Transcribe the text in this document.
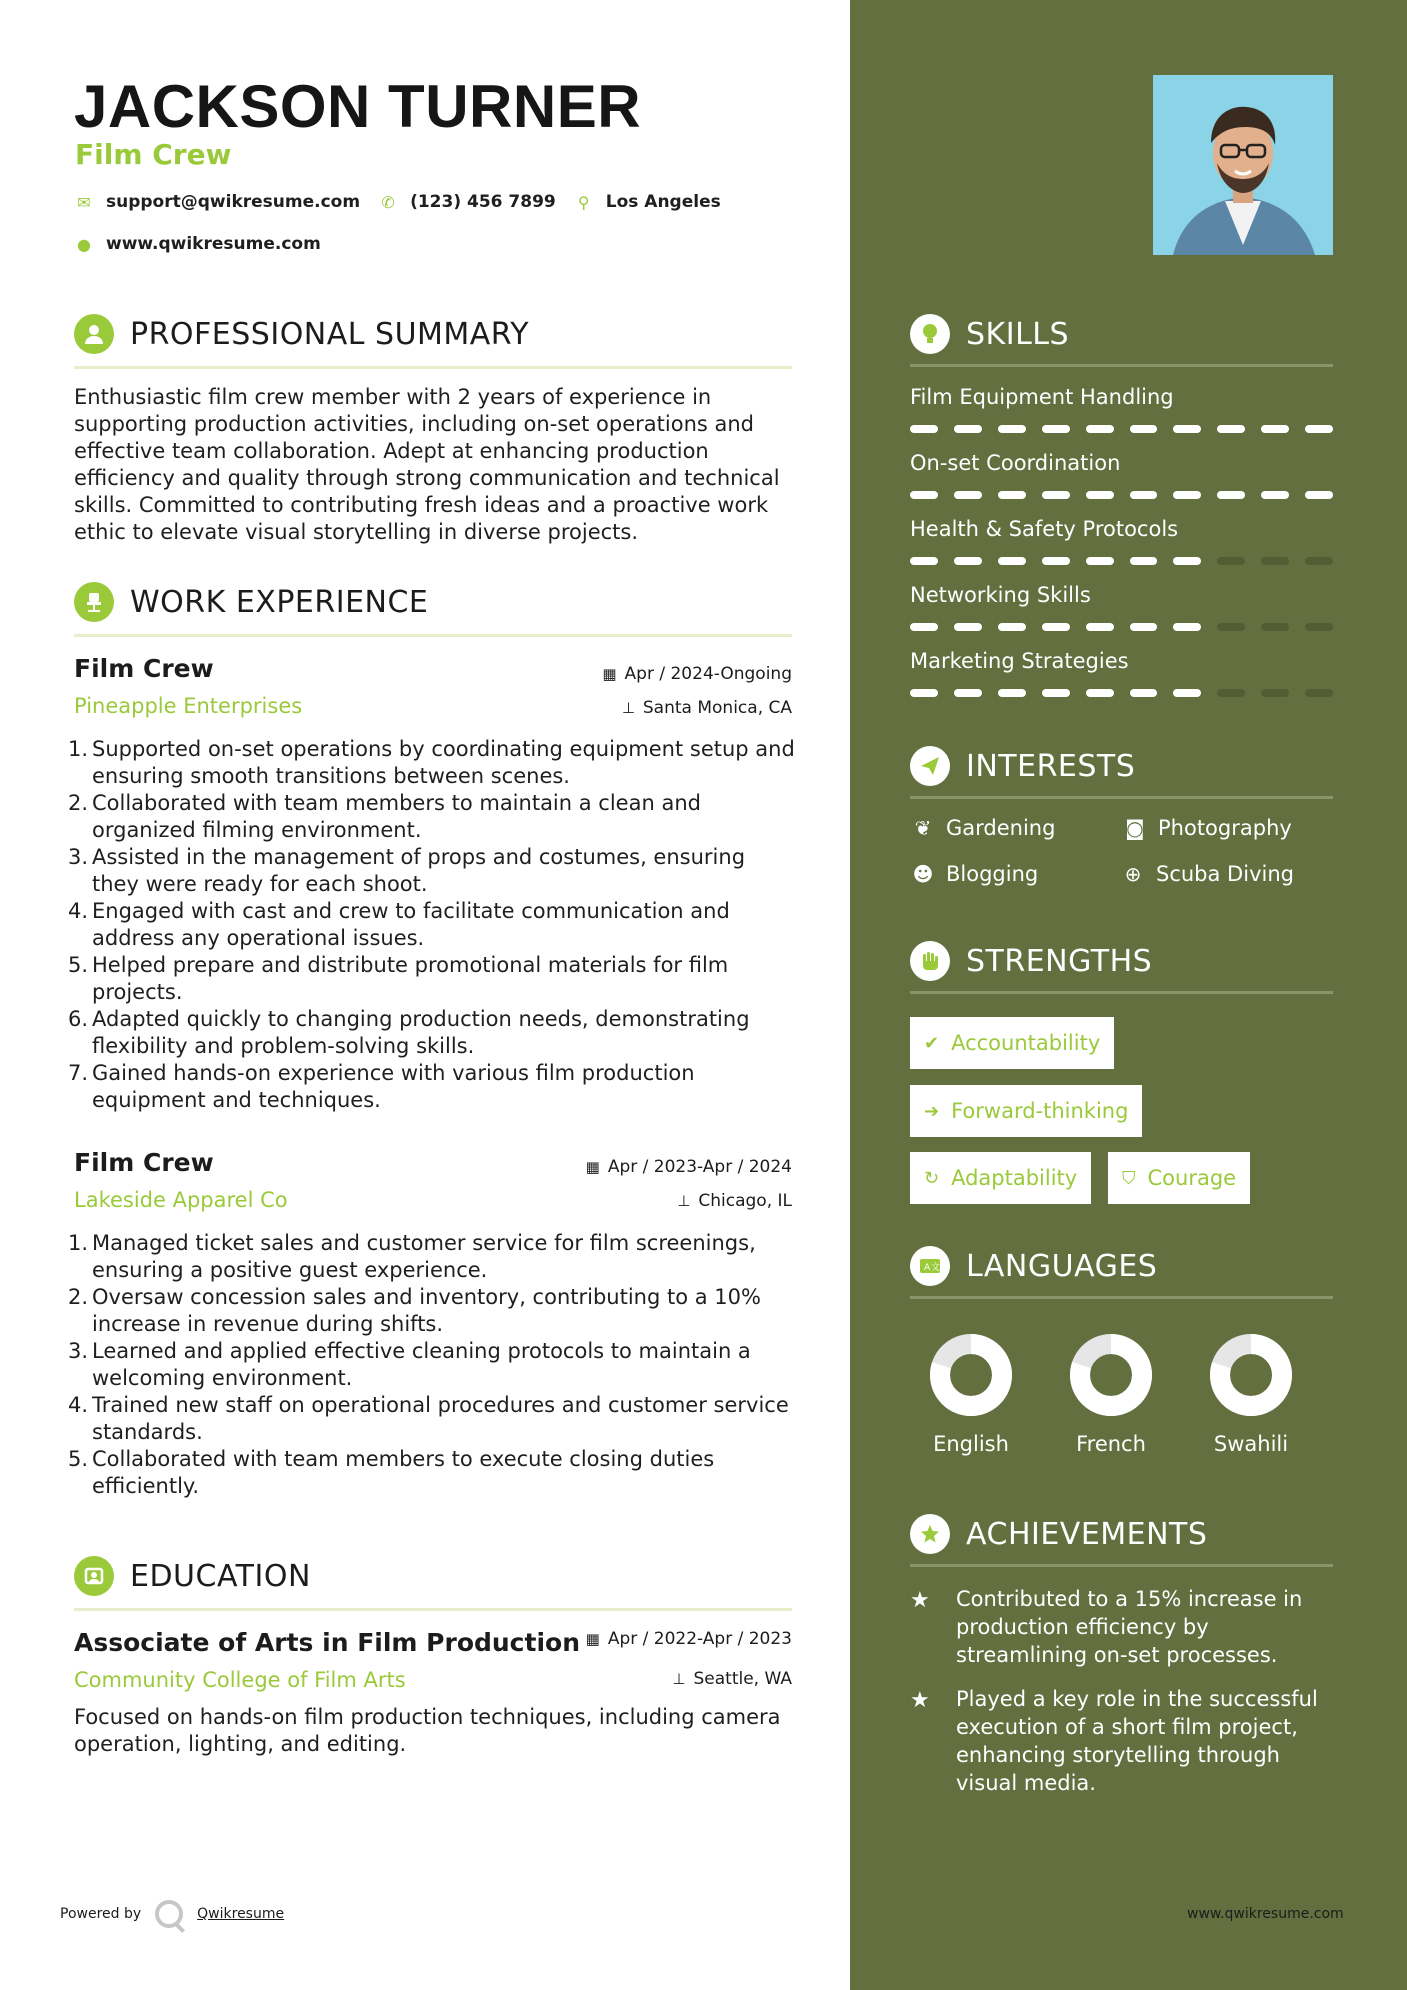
JACKSON TURNER
Film Crew
✉ support@qwikresume.com ✆ (123) 456 7899 ⚲ Los Angeles
● www.qwikresume.com
PROFESSIONAL SUMMARY
Enthusiastic film crew member with 2 years of experience in supporting production activities, including on-set operations and effective team collaboration. Adept at enhancing production efficiency and quality through strong communication and technical skills. Committed to contributing fresh ideas and a proactive work ethic to elevate visual storytelling in diverse projects.
WORK EXPERIENCE
Film Crew
Pineapple Enterprises
▦ Apr / 2024-Ongoing
⊥ Santa Monica, CA
1. Supported on-set operations by coordinating equipment setup and ensuring smooth transitions between scenes.
2. Collaborated with team members to maintain a clean and organized filming environment.
3. Assisted in the management of props and costumes, ensuring they were ready for each shoot.
4. Engaged with cast and crew to facilitate communication and address any operational issues.
5. Helped prepare and distribute promotional materials for film projects.
6. Adapted quickly to changing production needs, demonstrating flexibility and problem-solving skills.
7. Gained hands-on experience with various film production equipment and techniques.
Film Crew
Lakeside Apparel Co
▦ Apr / 2023-Apr / 2024
⊥ Chicago, IL
1. Managed ticket sales and customer service for film screenings, ensuring a positive guest experience.
2. Oversaw concession sales and inventory, contributing to a 10% increase in revenue during shifts.
3. Learned and applied effective cleaning protocols to maintain a welcoming environment.
4. Trained new staff on operational procedures and customer service standards.
5. Collaborated with team members to execute closing duties efficiently.
EDUCATION
Associate of Arts in Film Production
Community College of Film Arts
▦ Apr / 2022-Apr / 2023
⊥ Seattle, WA
Focused on hands-on film production techniques, including camera operation, lighting, and editing.
Powered by	Qwikresume
SKILLS
Film Equipment Handling
On-set Coordination
Health & Safety Protocols
Networking Skills
Marketing Strategies
INTERESTS
❦ Gardening	◙ Photography
☻ Blogging	⊕ Scuba Diving
STRENGTHS
✔ Accountability
➔ Forward-thinking
↻ Adaptability ⛉ Courage
A 文 LANGUAGES
English	French	Swahili
ACHIEVEMENTS
★	Contributed to a 15% increase in production efficiency by streamlining on-set processes.
★	Played a key role in the successful execution of a short film project, enhancing storytelling through visual media.
www.qwikresume.com
